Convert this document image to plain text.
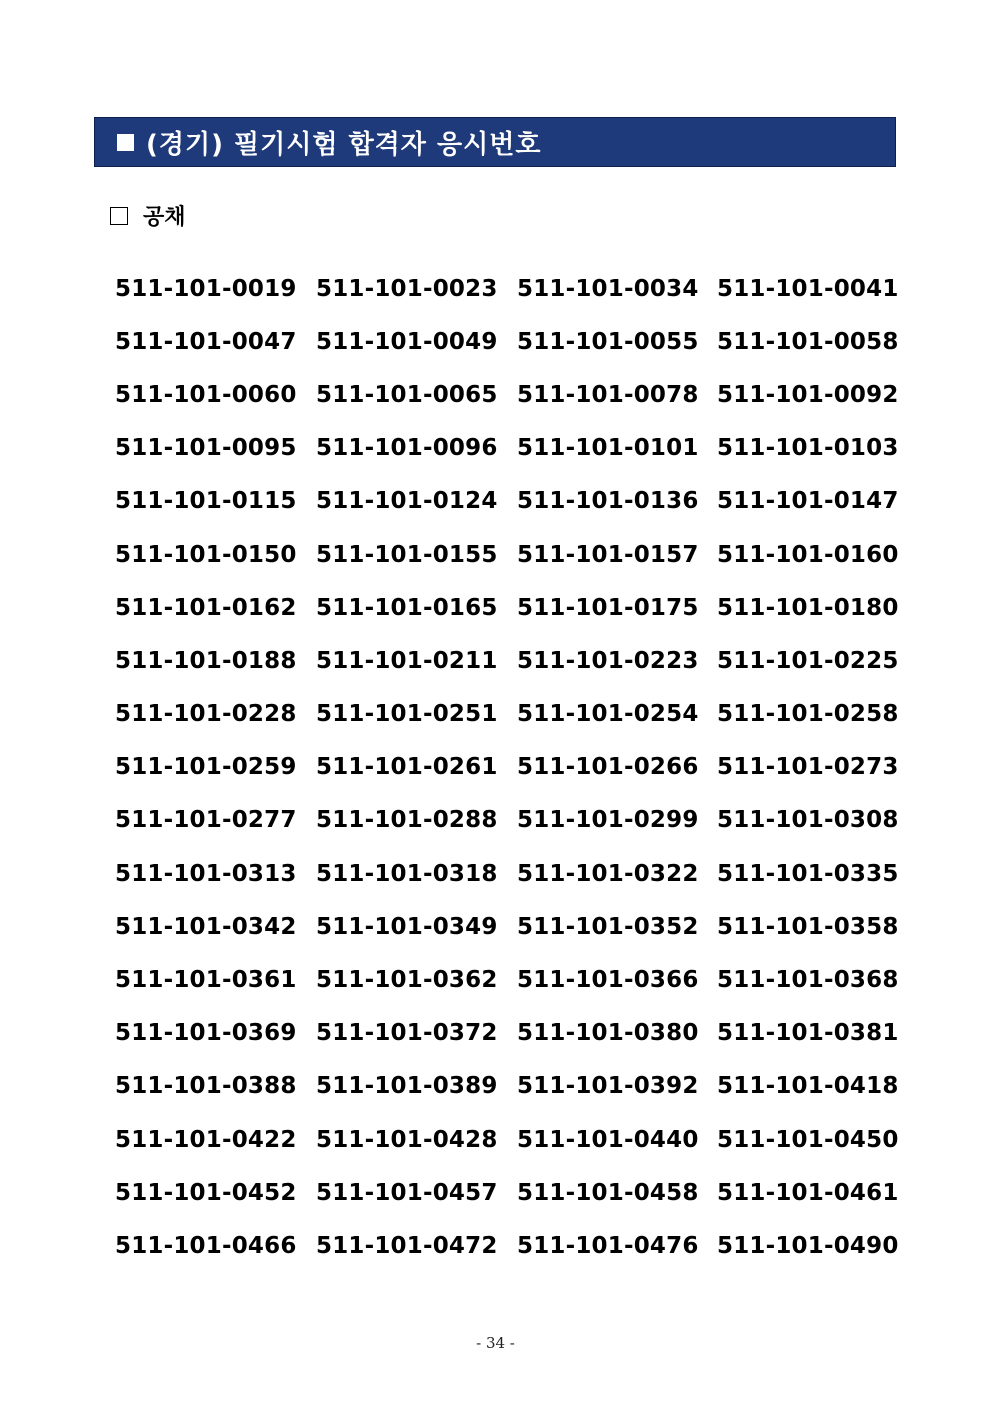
(경기) 필기시험 합격자 응시번호
공채
511-101-0019 511-101-0023 511-101-0034 511-101-0041
511-101-0047 511-101-0049 511-101-0055 511-101-0058
511-101-0060 511-101-0065 511-101-0078 511-101-0092
511-101-0095 511-101-0096 511-101-0101 511-101-0103
511-101-0115 511-101-0124 511-101-0136 511-101-0147
511-101-0150 511-101-0155 511-101-0157 511-101-0160
511-101-0162 511-101-0165 511-101-0175 511-101-0180
511-101-0188 511-101-0211 511-101-0223 511-101-0225
511-101-0228 511-101-0251 511-101-0254 511-101-0258
511-101-0259 511-101-0261 511-101-0266 511-101-0273
511-101-0277 511-101-0288 511-101-0299 511-101-0308
511-101-0313 511-101-0318 511-101-0322 511-101-0335
511-101-0342 511-101-0349 511-101-0352 511-101-0358
511-101-0361 511-101-0362 511-101-0366 511-101-0368
511-101-0369 511-101-0372 511-101-0380 511-101-0381
511-101-0388 511-101-0389 511-101-0392 511-101-0418
511-101-0422 511-101-0428 511-101-0440 511-101-0450
511-101-0452 511-101-0457 511-101-0458 511-101-0461
511-101-0466 511-101-0472 511-101-0476 511-101-0490
- 34 -
